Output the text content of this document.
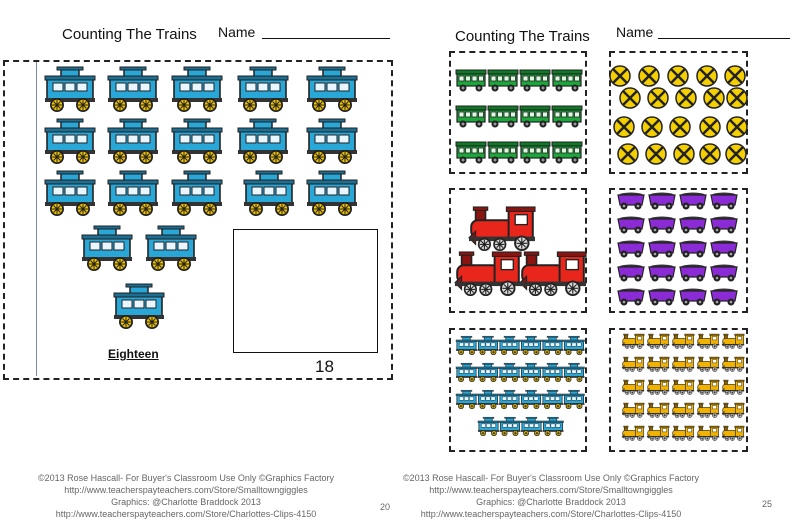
Counting The Trains Name
Eighteen
18
©2013 Rose Hascall- For Buyer's Classroom Use Only ©Graphics Factory
http://www.teacherspayteachers.com/Store/Smalltowngiggles
Graphics: @Charlotte Braddock 2013
http://www.teacherspayteachers.com/Store/Charlottes-Clips-4150
20
Counting The Trains Name
©2013 Rose Hascall- For Buyer's Classroom Use Only ©Graphics Factory
http://www.teacherspayteachers.com/Store/Smalltowngiggles
Graphics: @Charlotte Braddock 2013
http://www.teacherspayteachers.com/Store/Charlottes-Clips-4150
25
